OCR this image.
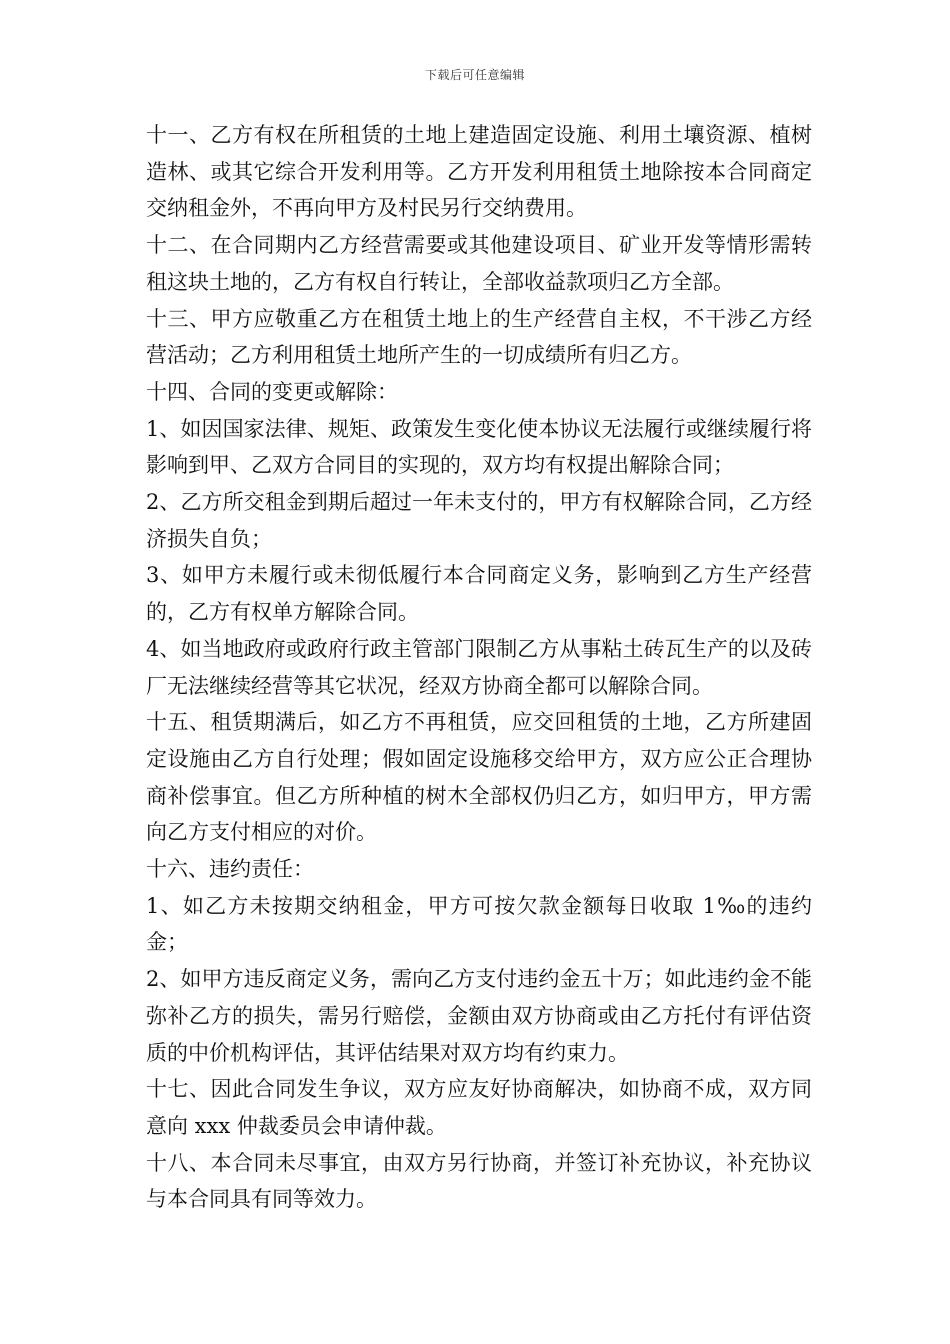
下载后可任意编辑

十一、乙方有权在所租赁的土地上建造固定设施、利用土壤资源、植树造林、或其它综合开发利用等。乙方开发利用租赁土地除按本合同商定交纳租金外，不再向甲方及村民另行交纳费用。

十二、在合同期内乙方经营需要或其他建设项目、矿业开发等情形需转租这块土地的，乙方有权自行转让，全部收益款项归乙方全部。

十三、甲方应敬重乙方在租赁土地上的生产经营自主权，不干涉乙方经营活动；乙方利用租赁土地所产生的一切成绩所有归乙方。

十四、合同的变更或解除：

1、如因国家法律、规矩、政策发生变化使本协议无法履行或继续履行将影响到甲、乙双方合同目的实现的，双方均有权提出解除合同；

2、乙方所交租金到期后超过一年未支付的，甲方有权解除合同，乙方经济损失自负；

3、如甲方未履行或未彻低履行本合同商定义务，影响到乙方生产经营的，乙方有权单方解除合同。

4、如当地政府或政府行政主管部门限制乙方从事粘土砖瓦生产的以及砖厂无法继续经营等其它状况，经双方协商全都可以解除合同。

十五、租赁期满后，如乙方不再租赁，应交回租赁的土地，乙方所建固定设施由乙方自行处理；假如固定设施移交给甲方，双方应公正合理协商补偿事宜。但乙方所种植的树木全部权仍归乙方，如归甲方，甲方需向乙方支付相应的对价。

十六、违约责任：

1、如乙方未按期交纳租金，甲方可按欠款金额每日收取 1‰的违约金；

2、如甲方违反商定义务，需向乙方支付违约金五十万；如此违约金不能弥补乙方的损失，需另行赔偿，金额由双方协商或由乙方托付有评估资质的中价机构评估，其评估结果对双方均有约束力。

十七、因此合同发生争议，双方应友好协商解决，如协商不成，双方同意向 xxx 仲裁委员会申请仲裁。

十八、本合同未尽事宜，由双方另行协商，并签订补充协议，补充协议与本合同具有同等效力。
